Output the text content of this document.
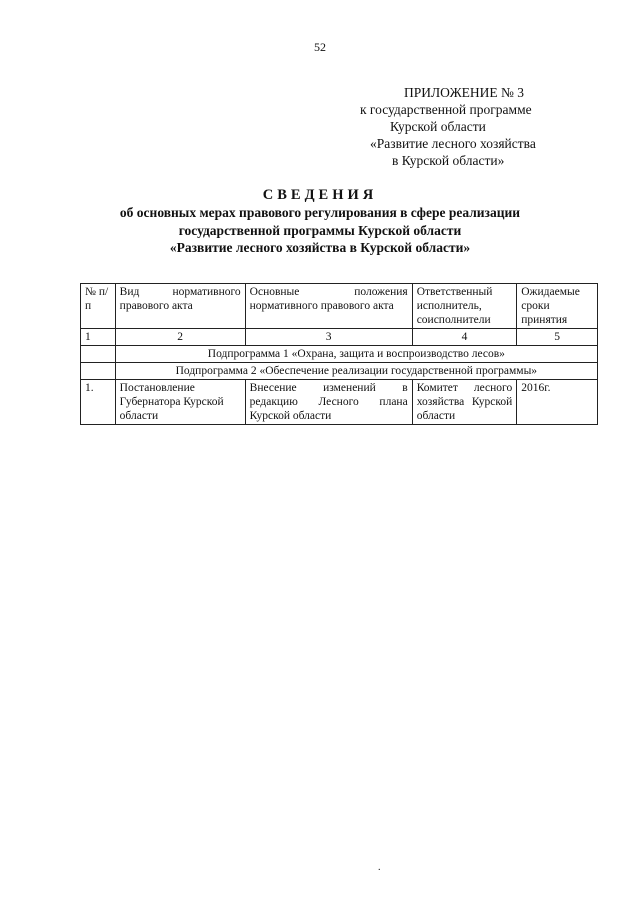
52
ПРИЛОЖЕНИЕ № 3
к государственной программе
Курской области
«Развитие лесного хозяйства
в Курской области»
СВЕДЕНИЯ
об основных мерах правового регулирования в сфере реализации
государственной программы Курской области
«Развитие лесного хозяйства в Курской области»
№ п/п	Вид нормативного правового акта	Основные положения нормативного правового акта	Ответственный исполнитель, соисполнители	Ожидаемые сроки принятия
1	2	3	4	5
	Подпрограмма 1 «Охрана, защита и воспроизводство лесов»			
	Подпрограмма 2 «Обеспечение реализации государственной программы»			
1.	Постановление Губернатора Курской области	Внесение изменений в редакцию Лесного плана Курской области	Комитет лесного хозяйства Курской области	2016г.
.
